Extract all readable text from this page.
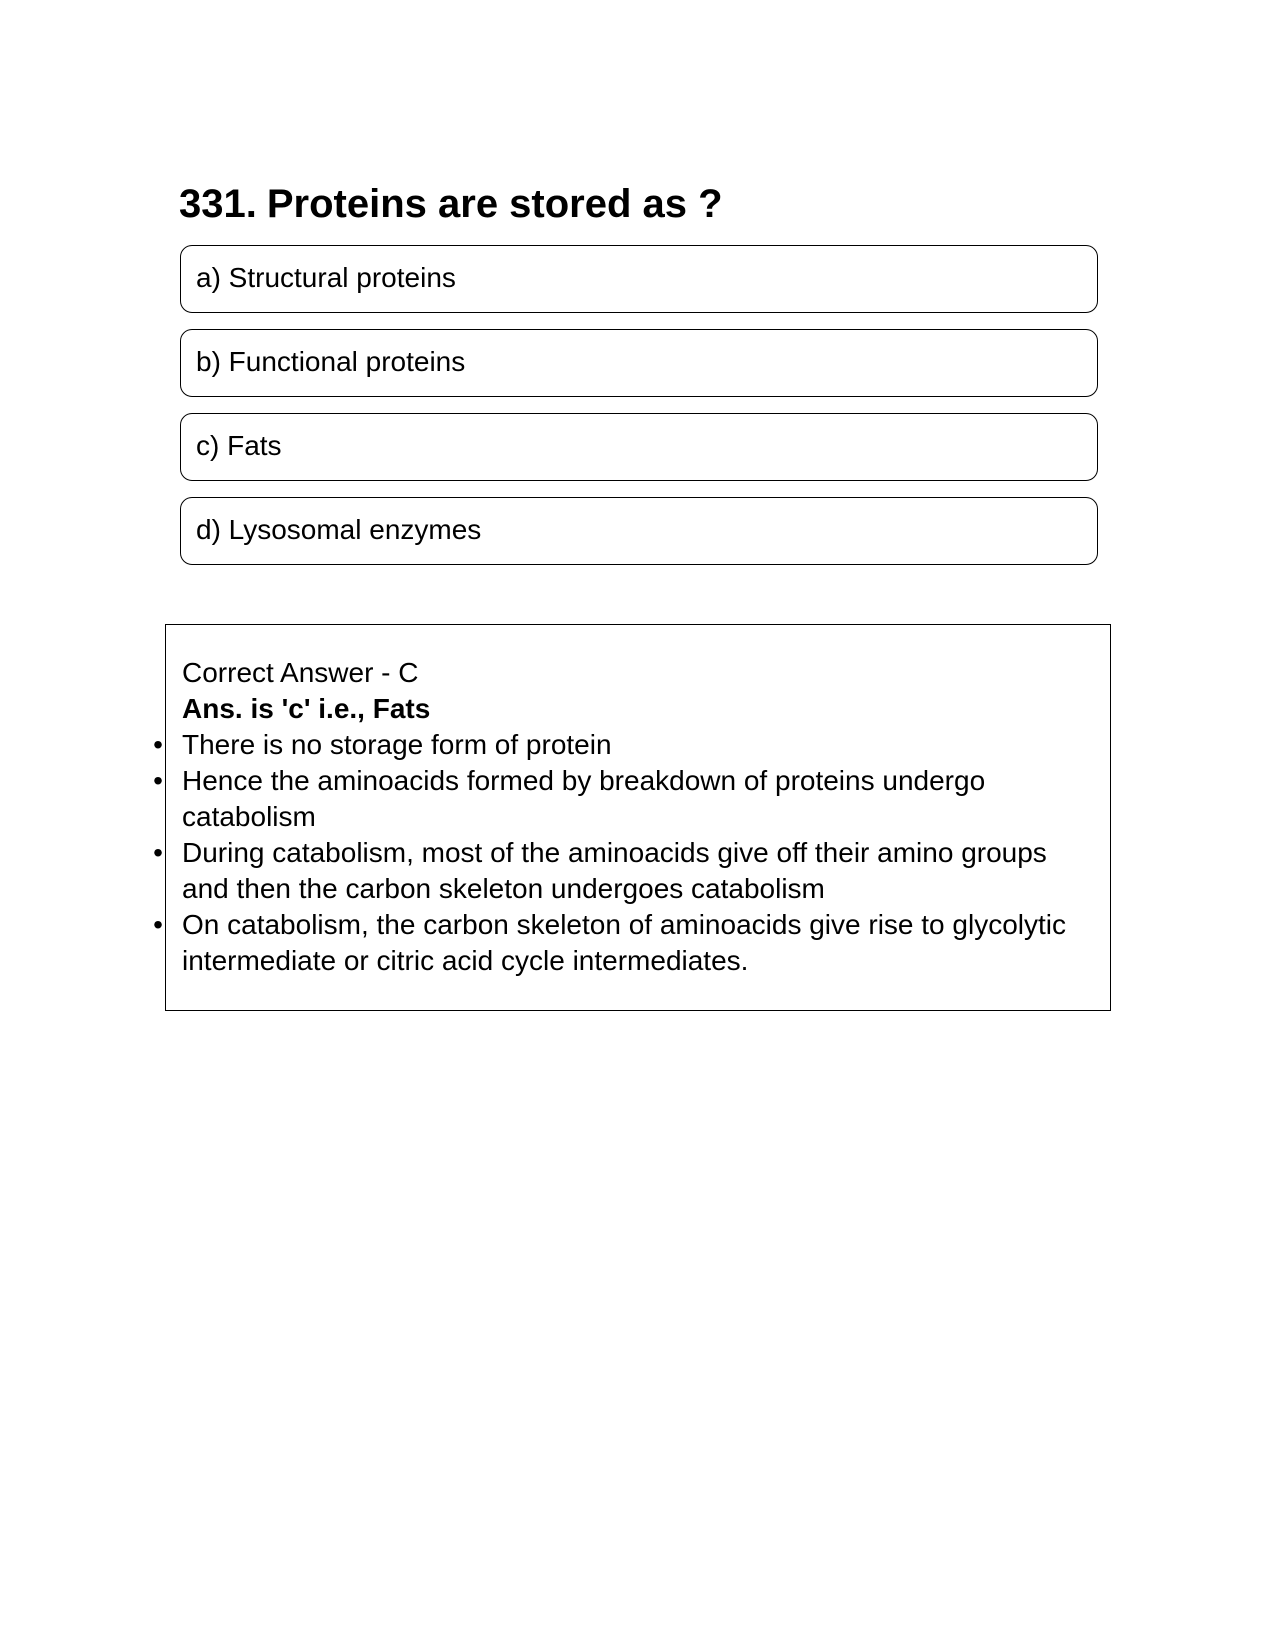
331. Proteins are stored as ?
a) Structural proteins
b) Functional proteins
c) Fats
d) Lysosomal enzymes

Correct Answer - C

Ans. is 'c' i.e., Fats

• There is no storage form of protein
• Hence the aminoacids formed by breakdown of proteins undergo catabolism
• During catabolism, most of the aminoacids give off their amino groups and then the carbon skeleton undergoes catabolism
• On catabolism, the carbon skeleton of aminoacids give rise to glycolytic intermediate or citric acid cycle intermediates.
